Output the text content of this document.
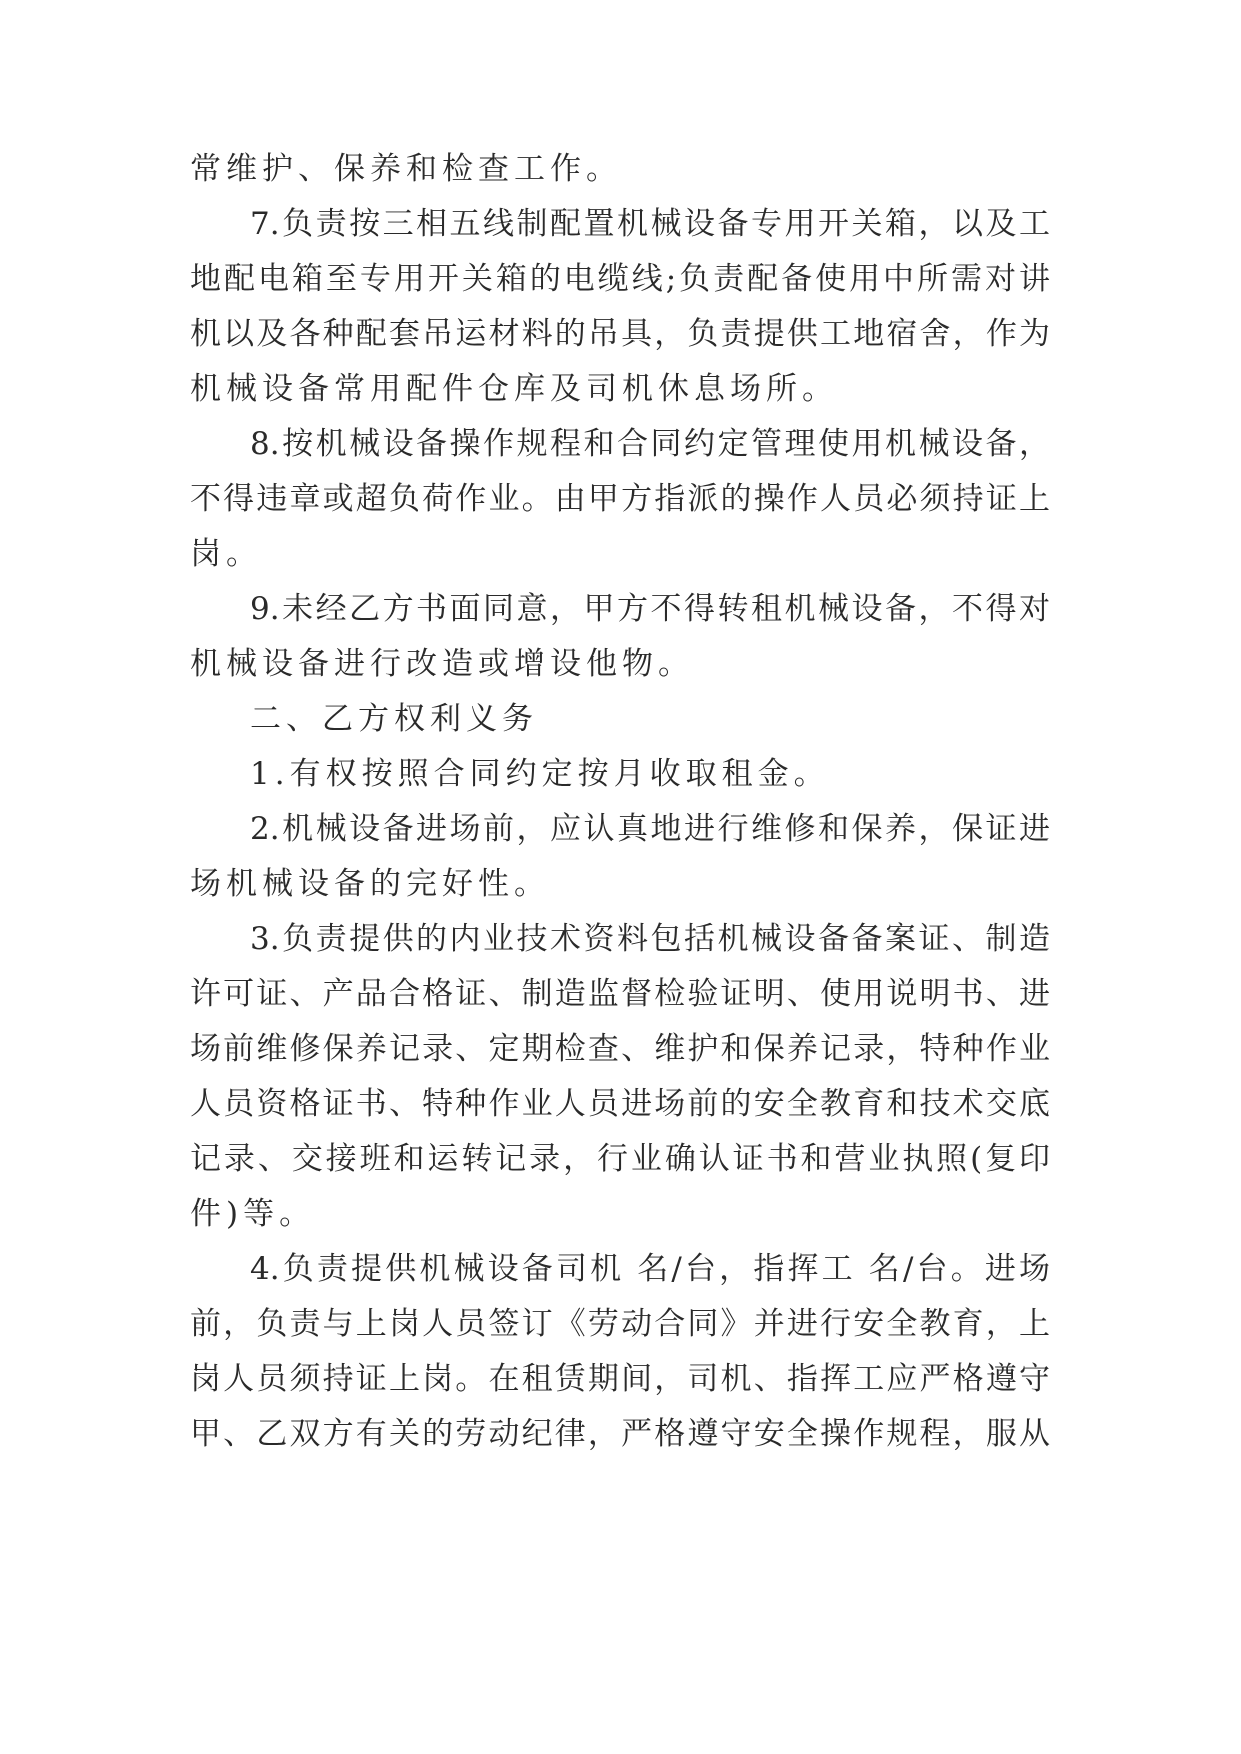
常维护、保养和检查工作。
7.负责按三相五线制配置机械设备专用开关箱，以及工
地配电箱至专用开关箱的电缆线;负责配备使用中所需对讲
机以及各种配套吊运材料的吊具，负责提供工地宿舍，作为
机械设备常用配件仓库及司机休息场所。
8.按机械设备操作规程和合同约定管理使用机械设备，
不得违章或超负荷作业。由甲方指派的操作人员必须持证上
岗。
9.未经乙方书面同意，甲方不得转租机械设备，不得对
机械设备进行改造或增设他物。
二、乙方权利义务
1.有权按照合同约定按月收取租金。
2.机械设备进场前，应认真地进行维修和保养，保证进
场机械设备的完好性。
3.负责提供的内业技术资料包括机械设备备案证、制造
许可证、产品合格证、制造监督检验证明、使用说明书、进
场前维修保养记录、定期检查、维护和保养记录，特种作业
人员资格证书、特种作业人员进场前的安全教育和技术交底
记录、交接班和运转记录，行业确认证书和营业执照(复印
件)等。
4.负责提供机械设备司机 名/台，指挥工 名/台。进场
前，负责与上岗人员签订《劳动合同》并进行安全教育，上
岗人员须持证上岗。在租赁期间，司机、指挥工应严格遵守
甲、乙双方有关的劳动纪律，严格遵守安全操作规程，服从
